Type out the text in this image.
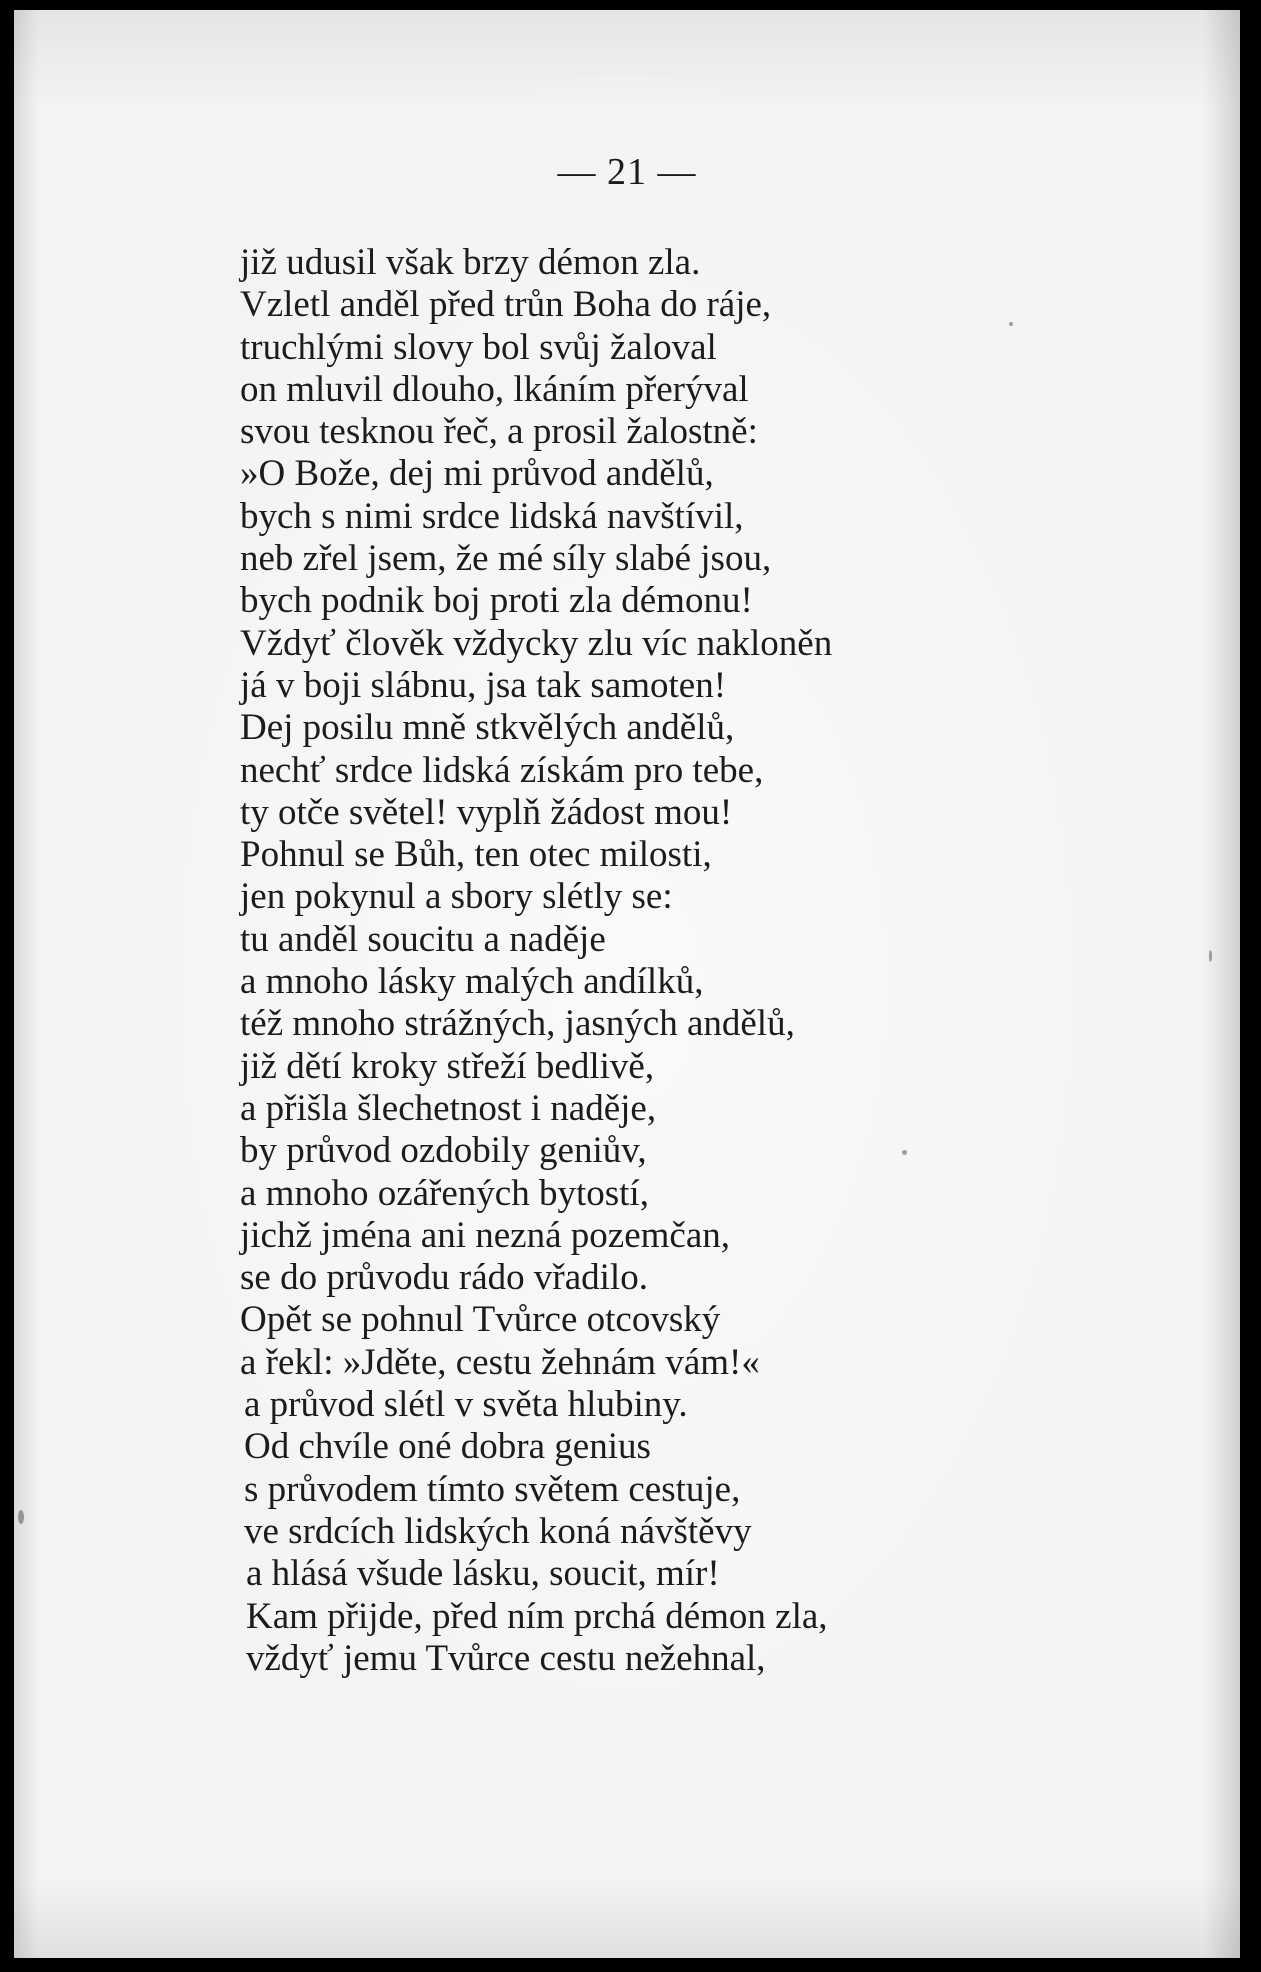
— 21 —
již udusil však brzy démon zla.
Vzletl anděl před trůn Boha do ráje,
truchlými slovy bol svůj žaloval
on mluvil dlouho, lkáním přerýval
svou tesknou řeč, a prosil žalostně:
»O Bože, dej mi průvod andělů,
bych s nimi srdce lidská navštívil,
neb zřel jsem, že mé síly slabé jsou,
bych podnik boj proti zla démonu!
Vždyť člověk vždycky zlu víc nakloněn
já v boji slábnu, jsa tak samoten!
Dej posilu mně stkvělých andělů,
nechť srdce lidská získám pro tebe,
ty otče světel! vyplň žádost mou!
Pohnul se Bůh, ten otec milosti,
jen pokynul a sbory slétly se:
tu anděl soucitu a naděje
a mnoho lásky malých andílků,
též mnoho strážných, jasných andělů,
již dětí kroky střeží bedlivě,
a přišla šlechetnost i naděje,
by průvod ozdobily geniův,
a mnoho ozářených bytostí,
jichž jména ani nezná pozemčan,
se do průvodu rádo vřadilo.
Opět se pohnul Tvůrce otcovský
a řekl: »Jděte, cestu žehnám vám!«
a průvod slétl v světa hlubiny.
Od chvíle oné dobra genius
s průvodem tímto světem cestuje,
ve srdcích lidských koná návštěvy
a hlásá všude lásku, soucit, mír!
Kam přijde, před ním prchá démon zla,
vždyť jemu Tvůrce cestu nežehnal,
